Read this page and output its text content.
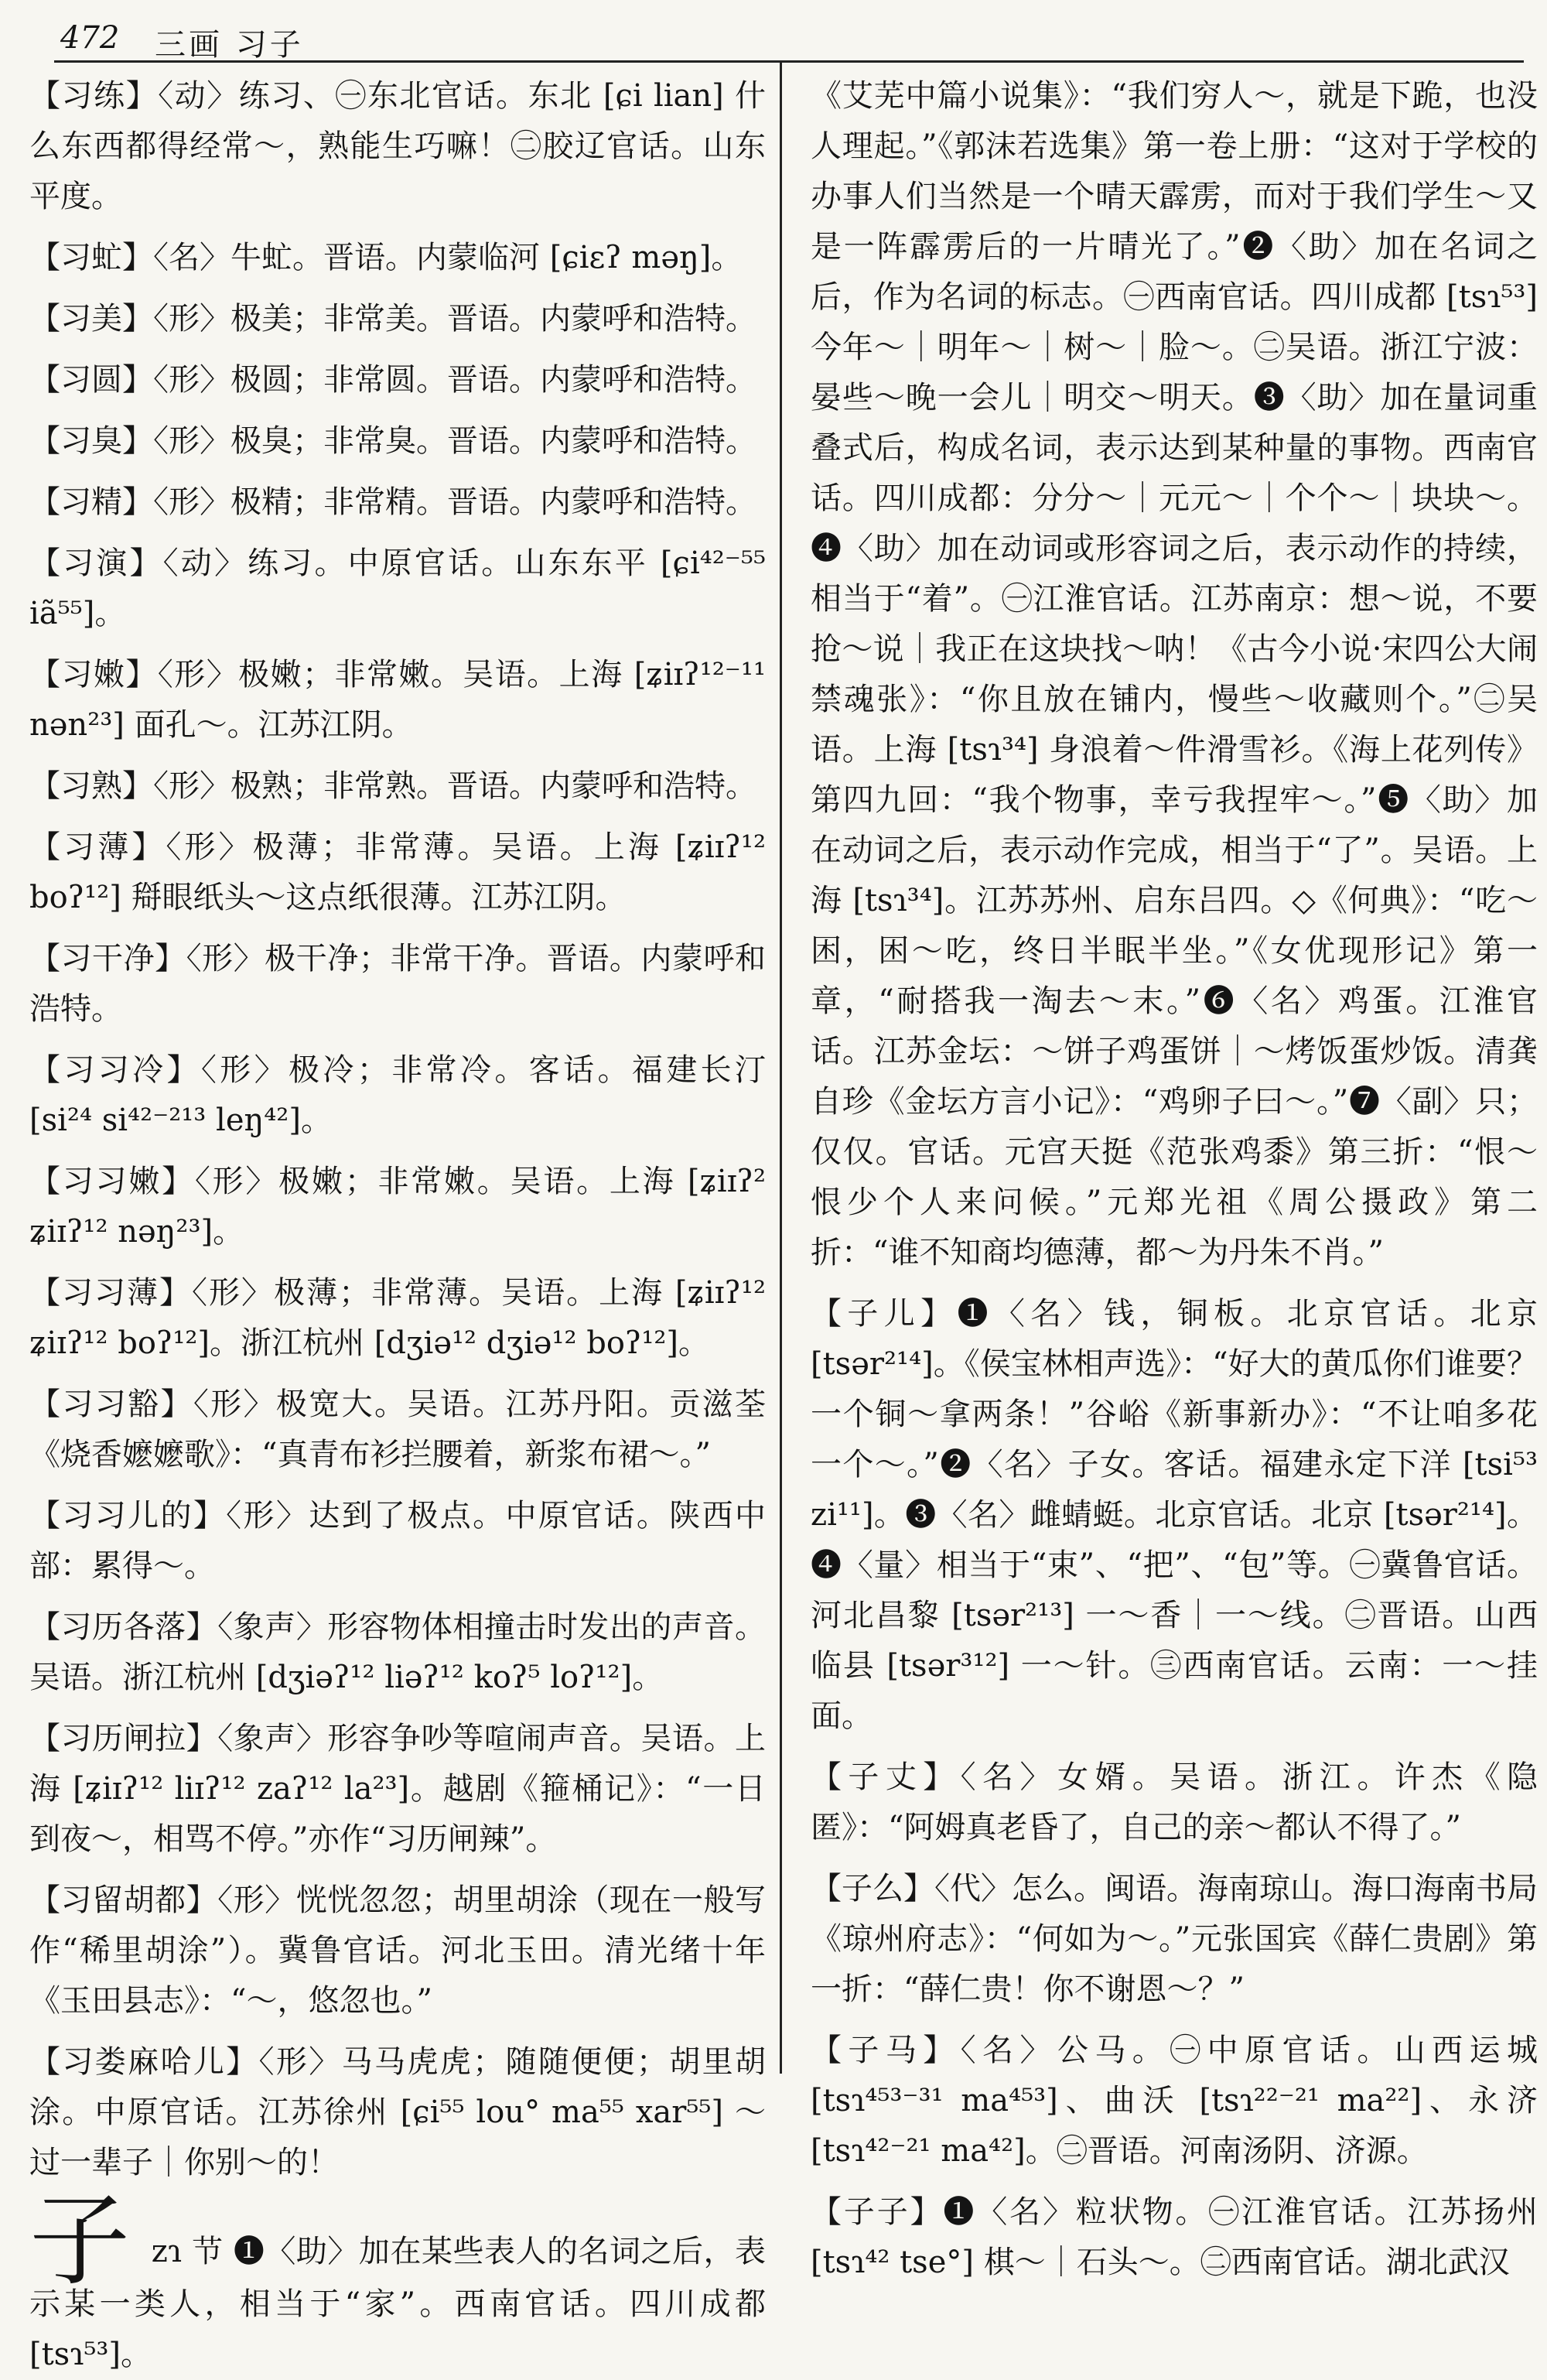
472 三画 习子
【习练】〈动〉练习、㊀东北官话。东北 [ɕi lian] 什么东西都得经常～，熟能生巧嘛！㊁胶辽官话。山东平度。
【习虻】〈名〉牛虻。晋语。内蒙临河 [ɕiɛʔ məŋ]。
【习美】〈形〉极美；非常美。晋语。内蒙呼和浩特。
【习圆】〈形〉极圆；非常圆。晋语。内蒙呼和浩特。
【习臭】〈形〉极臭；非常臭。晋语。内蒙呼和浩特。
【习精】〈形〉极精；非常精。晋语。内蒙呼和浩特。
【习演】〈动〉练习。中原官话。山东东平 [ɕi⁴²⁻⁵⁵ iã⁵⁵]。
【习嫩】〈形〉极嫩；非常嫩。吴语。上海 [ʑiɪʔ¹²⁻¹¹ nən²³] 面孔～。江苏江阴。
【习熟】〈形〉极熟；非常熟。晋语。内蒙呼和浩特。
【习薄】〈形〉极薄；非常薄。吴语。上海 [ʑiɪʔ¹² boʔ¹²] 搿眼纸头～这点纸很薄。江苏江阴。
【习干净】〈形〉极干净；非常干净。晋语。内蒙呼和浩特。
【习习冷】〈形〉极冷；非常冷。客话。福建长汀 [si²⁴ si⁴²⁻²¹³ leŋ⁴²]。
【习习嫩】〈形〉极嫩；非常嫩。吴语。上海 [ʑiɪʔ² ʑiɪʔ¹² nəŋ²³]。
【习习薄】〈形〉极薄；非常薄。吴语。上海 [ʑiɪʔ¹² ʑiɪʔ¹² boʔ¹²]。浙江杭州 [dʒiə¹² dʒiə¹² boʔ¹²]。
【习习豁】〈形〉极宽大。吴语。江苏丹阳。贡滋荃《烧香嬷嬷歌》：“真青布衫拦腰着，新浆布裙～。”
【习习儿的】〈形〉达到了极点。中原官话。陕西中部：累得～。
【习历各落】〈象声〉形容物体相撞击时发出的声音。吴语。浙江杭州 [dʒiəʔ¹² liəʔ¹² koʔ⁵ loʔ¹²]。
【习历闸拉】〈象声〉形容争吵等喧闹声音。吴语。上海 [ʑiɪʔ¹² liɪʔ¹² zaʔ¹² la²³]。越剧《箍桶记》：“一日到夜～，相骂不停。”亦作“习历闸辣”。
【习留胡都】〈形〉恍恍忽忽；胡里胡涂（现在一般写作“稀里胡涂”）。冀鲁官话。河北玉田。清光绪十年《玉田县志》：“～，悠忽也。”
【习娄麻哈儿】〈形〉马马虎虎；随随便便；胡里胡涂。中原官话。江苏徐州 [ɕi⁵⁵ lou° ma⁵⁵ xar⁵⁵] ～过一辈子｜你别～的！
子 zɿ 节 ❶〈助〉加在某些表人的名词之后，表示某一类人，相当于“家”。西南官话。四川成都 [tsɿ⁵³]。
《艾芜中篇小说集》：“我们穷人～，就是下跪，也没人理起。”《郭沫若选集》第一卷上册：“这对于学校的办事人们当然是一个晴天霹雳，而对于我们学生～又是一阵霹雳后的一片晴光了。”❷〈助〉加在名词之后，作为名词的标志。㊀西南官话。四川成都 [tsɿ⁵³] 今年～｜明年～｜树～｜脸～。㊁吴语。浙江宁波：晏些～晚一会儿｜明交～明天。❸〈助〉加在量词重叠式后，构成名词，表示达到某种量的事物。西南官话。四川成都：分分～｜元元～｜个个～｜块块～。❹〈助〉加在动词或形容词之后，表示动作的持续，相当于“着”。㊀江淮官话。江苏南京：想～说，不要抢～说｜我正在这块找～呐！《古今小说·宋四公大闹禁魂张》：“你且放在铺内，慢些～收藏则个。”㊁吴语。上海 [tsɿ³⁴] 身浪着～件滑雪衫。《海上花列传》第四九回：“我个物事，幸亏我捏牢～。”❺〈助〉加在动词之后，表示动作完成，相当于“了”。吴语。上海 [tsɿ³⁴]。江苏苏州、启东吕四。◇《何典》：“吃～困，困～吃，终日半眠半坐。”《女优现形记》第一章，“耐搭我一淘去～末。”❻〈名〉鸡蛋。江淮官话。江苏金坛：～饼子鸡蛋饼｜～烤饭蛋炒饭。清龚自珍《金坛方言小记》：“鸡卵子曰～。”❼〈副〉只；仅仅。官话。元宫天挺《范张鸡黍》第三折：“恨～恨少个人来问候。”元郑光祖《周公摄政》第二折：“谁不知商均德薄，都～为丹朱不肖。”
【子儿】❶〈名〉钱，铜板。北京官话。北京 [tsər²¹⁴]。《侯宝林相声选》：“好大的黄瓜你们谁要？一个铜～拿两条！”谷峪《新事新办》：“不让咱多花一个～。”❷〈名〉子女。客话。福建永定下洋 [tsi⁵³ zi¹¹]。❸〈名〉雌蜻蜓。北京官话。北京 [tsər²¹⁴]。❹〈量〉相当于“束”、“把”、“包”等。㊀冀鲁官话。河北昌黎 [tsər²¹³] 一～香｜一～线。㊁晋语。山西临县 [tsər³¹²] 一～针。㊂西南官话。云南：一～挂面。
【子丈】〈名〉女婿。吴语。浙江。许杰《隐匿》：“阿姆真老昏了，自己的亲～都认不得了。”
【子么】〈代〉怎么。闽语。海南琼山。海口海南书局《琼州府志》：“何如为～。”元张国宾《薛仁贵剧》第一折：“薛仁贵！你不谢恩～？”
【子马】〈名〉公马。㊀中原官话。山西运城 [tsɿ⁴⁵³⁻³¹ ma⁴⁵³]、曲沃 [tsɿ²²⁻²¹ ma²²]、永济 [tsɿ⁴²⁻²¹ ma⁴²]。㊁晋语。河南汤阴、济源。
【子子】❶〈名〉粒状物。㊀江淮官话。江苏扬州 [tsɿ⁴² tse°] 棋～｜石头～。㊁西南官话。湖北武汉
